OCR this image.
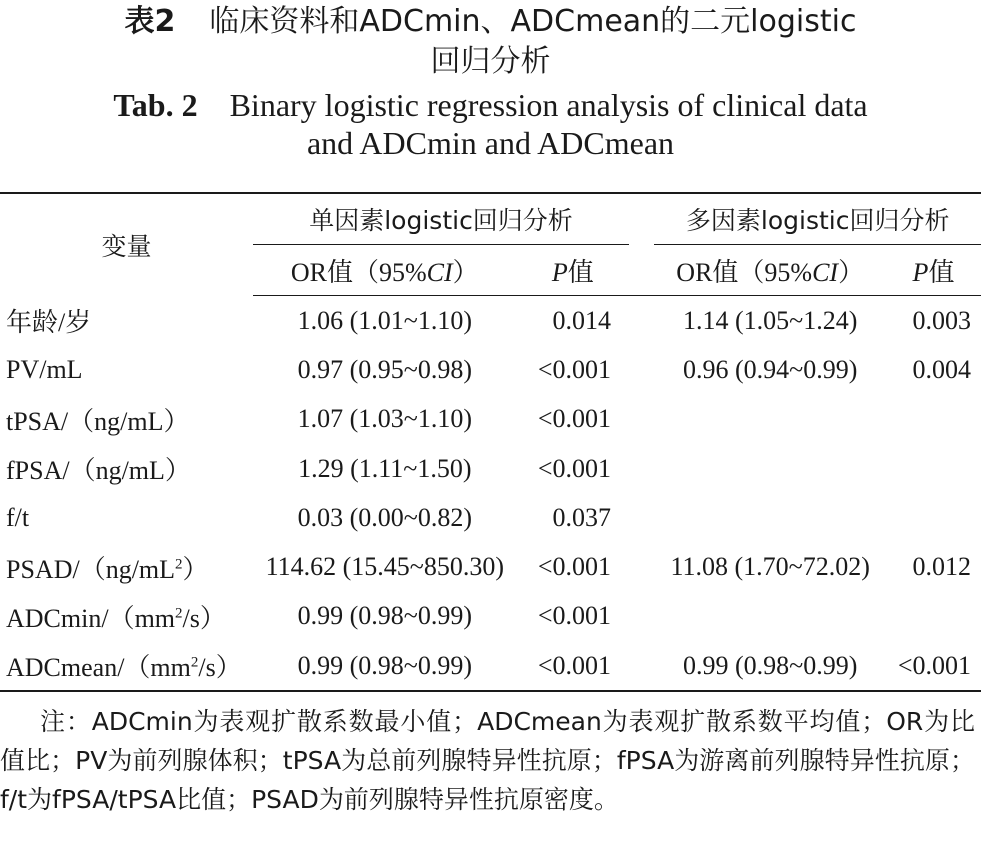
表2 临床资料和ADCmin、ADCmean的二元logistic
回归分析
Tab. 2 Binary logistic regression analysis of clinical data
and ADCmin and ADCmean
变量	单因素logistic回归分析			多因素logistic回归分析	
	OR值（95%CI）	P值		OR值（95%CI）	P值
年龄/岁	1.06 (1.01~1.10)	0.014		1.14 (1.05~1.24)	0.003
PV/mL	0.97 (0.95~0.98)	<0.001		0.96 (0.94~0.99)	0.004
tPSA/（ng/mL）	1.07 (1.03~1.10)	<0.001			
fPSA/（ng/mL）	1.29 (1.11~1.50)	<0.001			
f/t	0.03 (0.00~0.82)	0.037			
PSAD/$(ng/mL^2)$	114.62 (15.45~850.30)	<0.001		11.08 (1.70~72.02)	0.012
ADCmin/$(mm^2/s)$	0.99 (0.98~0.99)	<0.001			
ADCmean/$(mm^2/s)$	0.99 (0.98~0.99)	<0.001		0.99 (0.98~0.99)	<0.001
注：ADCmin为表观扩散系数最小值；ADCmean为表观扩散系数平均值；OR为比值比；PV为前列腺体积；tPSA为总前列腺特异性抗原；fPSA为游离前列腺特异性抗原；f/t为fPSA/tPSA比值；PSAD为前列腺特异性抗原密度。
